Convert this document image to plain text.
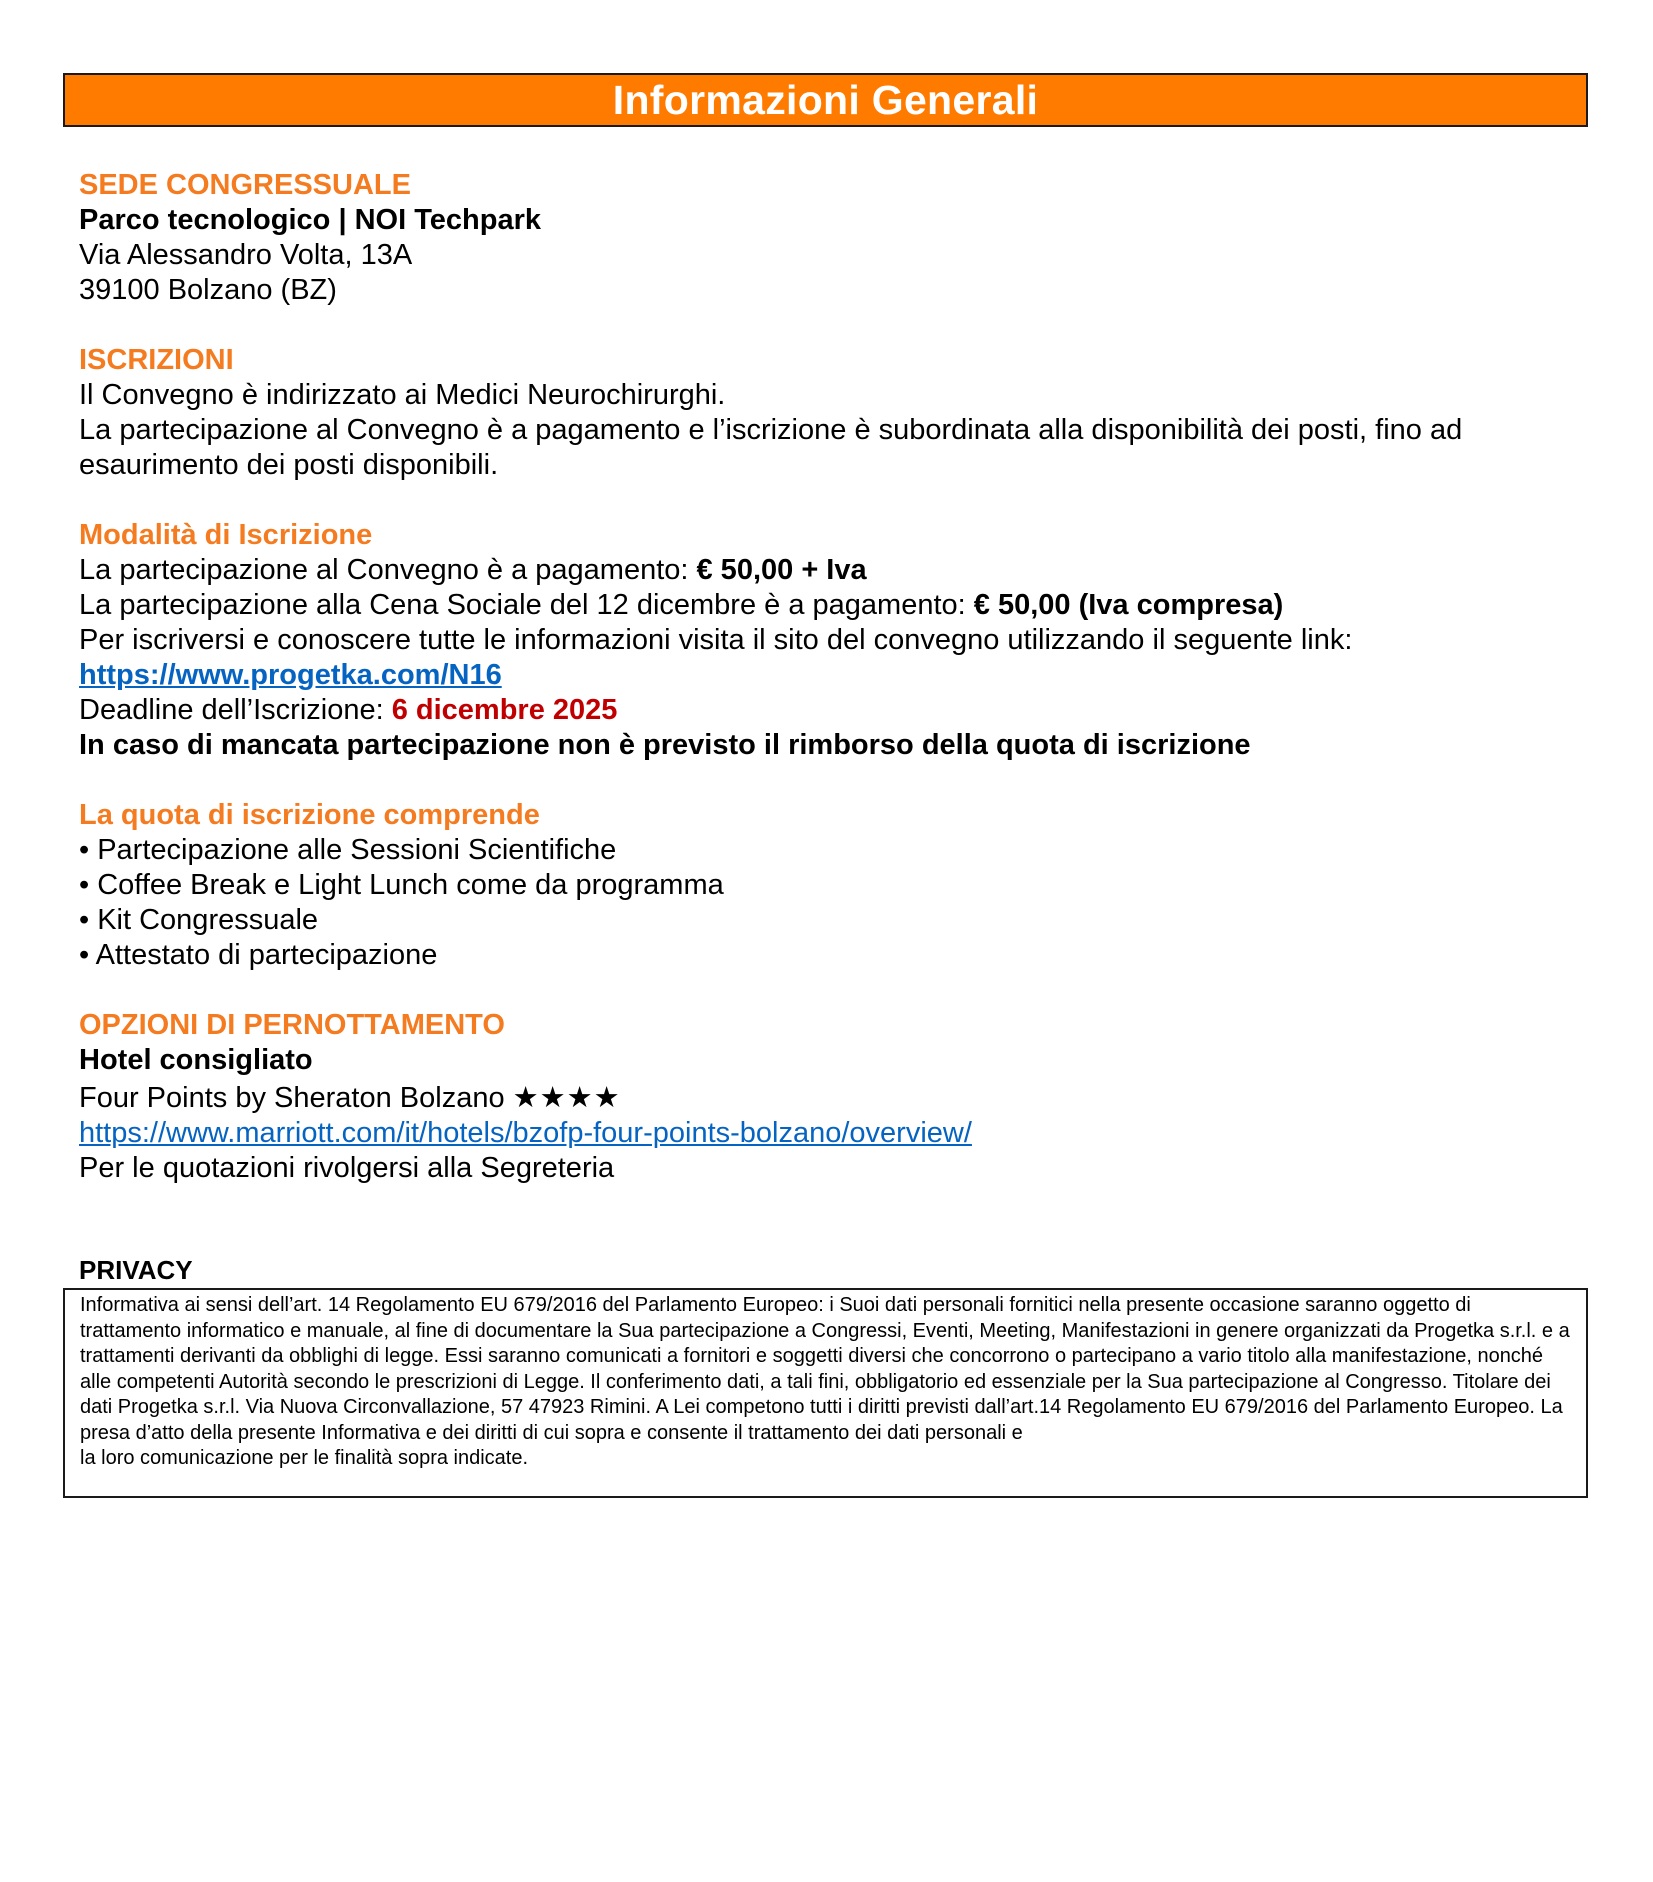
Informazioni Generali

SEDE CONGRESSUALE

Parco tecnologico | NOI Techpark

Via Alessandro Volta, 13A

39100 Bolzano (BZ)

ISCRIZIONI

Il Convegno è indirizzato ai Medici Neurochirurghi.

La partecipazione al Convegno è a pagamento e l’iscrizione è subordinata alla disponibilità dei posti, fino ad esaurimento dei posti disponibili.

Modalità di Iscrizione

La partecipazione al Convegno è a pagamento: € 50,00 + Iva

La partecipazione alla Cena Sociale del 12 dicembre è a pagamento: € 50,00 (Iva compresa)

Per iscriversi e conoscere tutte le informazioni visita il sito del convegno utilizzando il seguente link:

https://www.progetka.com/N16

Deadline dell’Iscrizione: 6 dicembre 2025

In caso di mancata partecipazione non è previsto il rimborso della quota di iscrizione

La quota di iscrizione comprende

• Partecipazione alle Sessioni Scientifiche

• Coffee Break e Light Lunch come da programma

• Kit Congressuale

• Attestato di partecipazione

OPZIONI DI PERNOTTAMENTO

Hotel consigliato

Four Points by Sheraton Bolzano ★★★★

https://www.marriott.com/it/hotels/bzofp-four-points-bolzano/overview/

Per le quotazioni rivolgersi alla Segreteria

PRIVACY

Informativa ai sensi dell’art. 14 Regolamento EU 679/2016 del Parlamento Europeo: i Suoi dati personali fornitici nella presente occasione saranno oggetto di trattamento informatico e manuale, al fine di documentare la Sua partecipazione a Congressi, Eventi, Meeting, Manifestazioni in genere organizzati da Progetka s.r.l. e a trattamenti derivanti da obblighi di legge. Essi saranno comunicati a fornitori e soggetti diversi che concorrono o partecipano a vario titolo alla manifestazione, nonché alle competenti Autorità secondo le prescrizioni di Legge. Il conferimento dati, a tali fini, obbligatorio ed essenziale per la Sua partecipazione al Congresso. Titolare dei dati Progetka s.r.l. Via Nuova Circonvallazione, 57 47923 Rimini. A Lei competono tutti i diritti previsti dall’art.14 Regolamento EU 679/2016 del Parlamento Europeo. La presa d’atto della presente Informativa e dei diritti di cui sopra e consente il trattamento dei dati personali e

la loro comunicazione per le finalità sopra indicate.
